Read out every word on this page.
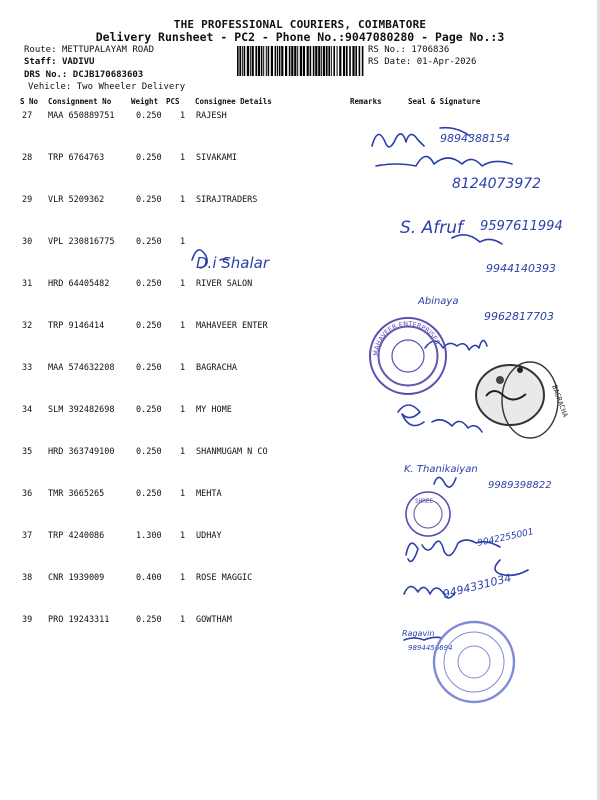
THE PROFESSIONAL COURIERS, COIMBATORE
Delivery Runsheet - PC2 - Phone No.:9047080280 - Page No.:3
Route: METTUPALAYAM ROAD
Staff: VADIVU
DRS No.: DCJB170683603
Vehicle: Two Wheeler Delivery
RS No.: 1706836
RS Date: 01-Apr-2026
S No Consignment No	Weight PCS Consignee Details	Remarks	Seal & Signature
27 MAA 650889751	0.250 1 RAJESH
28 TRP 6764763	0.250 1 SIVAKAMI
29 VLR 5209362	0.250 1 SIRAJTRADERS
30 VPL 230816775	0.250 1
31 HRD 64405482	0.250 1 RIVER SALON
32 TRP 9146414	0.250 1 MAHAVEER ENTER
33 MAA 574632208	0.250 1 BAGRACHA
34 SLM 392482698	0.250 1 MY HOME
35 HRD 363749100	0.250 1 SHANMUGAM N CO
36 TMR 3665265	0.250 1 MEHTA
37 TRP 4240086	1.300 1 UDHAY
38 CNR 1939009	0.400 1 ROSE MAGGIC
39 PRO 19243311	0.250 1 GOWTHAM
9894388154
8124073972
S. Afruf 9597611994
9944140393
D.i Shalar
Abinaya
9962817703
K. Thanikaiyan
9989398822
9042255001
9494331034
Ragavin
9894456694
MAHAVEER ENTERPRISES
BAGRACHA
SHREE
